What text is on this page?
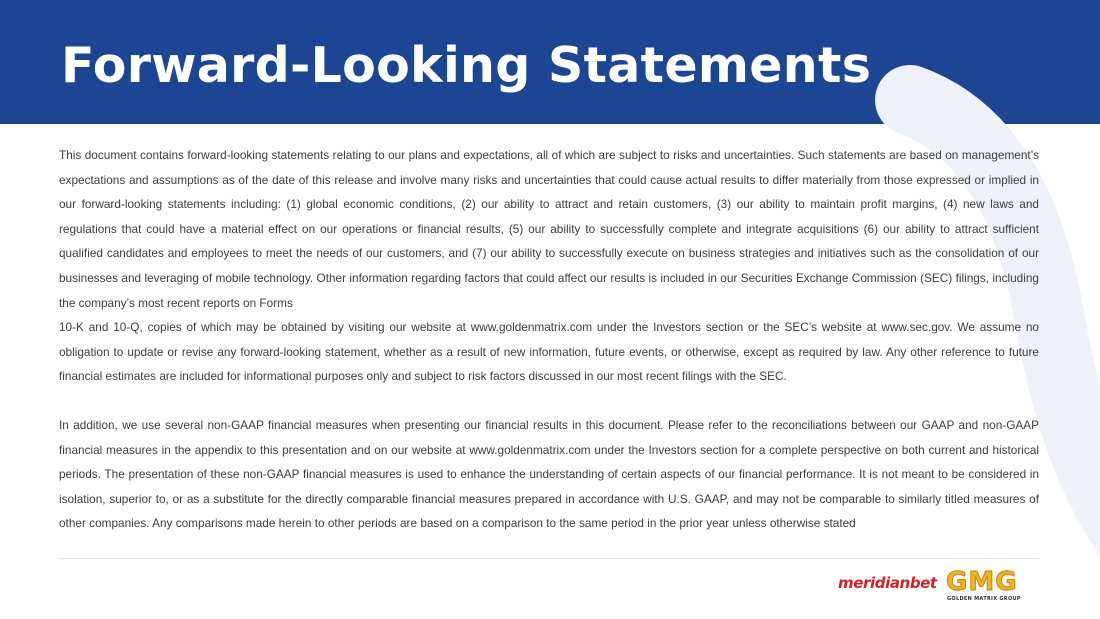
Forward-Looking Statements

This document contains forward-looking statements relating to our plans and expectations, all of which are subject to risks and uncertainties. Such statements are based on management’s expectations and assumptions as of the date of this release and involve many risks and uncertainties that could cause actual results to differ materially from those expressed or implied in our forward-looking statements including: (1) global economic conditions, (2) our ability to attract and retain customers, (3) our ability to maintain profit margins, (4) new laws and regulations that could have a material effect on our operations or financial results, (5) our ability to successfully complete and integrate acquisitions (6) our ability to attract sufficient qualified candidates and employees to meet the needs of our customers, and (7) our ability to successfully execute on business strategies and initiatives such as the consolidation of our businesses and leveraging of mobile technology. Other information regarding factors that could affect our results is included in our Securities Exchange Commission (SEC) filings, including the company’s most recent reports on Forms

10-K and 10-Q, copies of which may be obtained by visiting our website at www.goldenmatrix.com under the Investors section or the SEC’s website at www.sec.gov. We assume no obligation to update or revise any forward-looking statement, whether as a result of new information, future events, or otherwise, except as required by law. Any other reference to future financial estimates are included for informational purposes only and subject to risk factors discussed in our most recent filings with the SEC.

In addition, we use several non-GAAP financial measures when presenting our financial results in this document. Please refer to the reconciliations between our GAAP and non-GAAP financial measures in the appendix to this presentation and on our website at www.goldenmatrix.com under the Investors section for a complete perspective on both current and historical periods. The presentation of these non-GAAP financial measures is used to enhance the understanding of certain aspects of our financial performance. It is not meant to be considered in isolation, superior to, or as a substitute for the directly comparable financial measures prepared in accordance with U.S. GAAP, and may not be comparable to similarly titled measures of other companies. Any comparisons made herein to other periods are based on a comparison to the same period in the prior year unless otherwise stated

meridianbet GMG
GOLDEN MATRIX GROUP
